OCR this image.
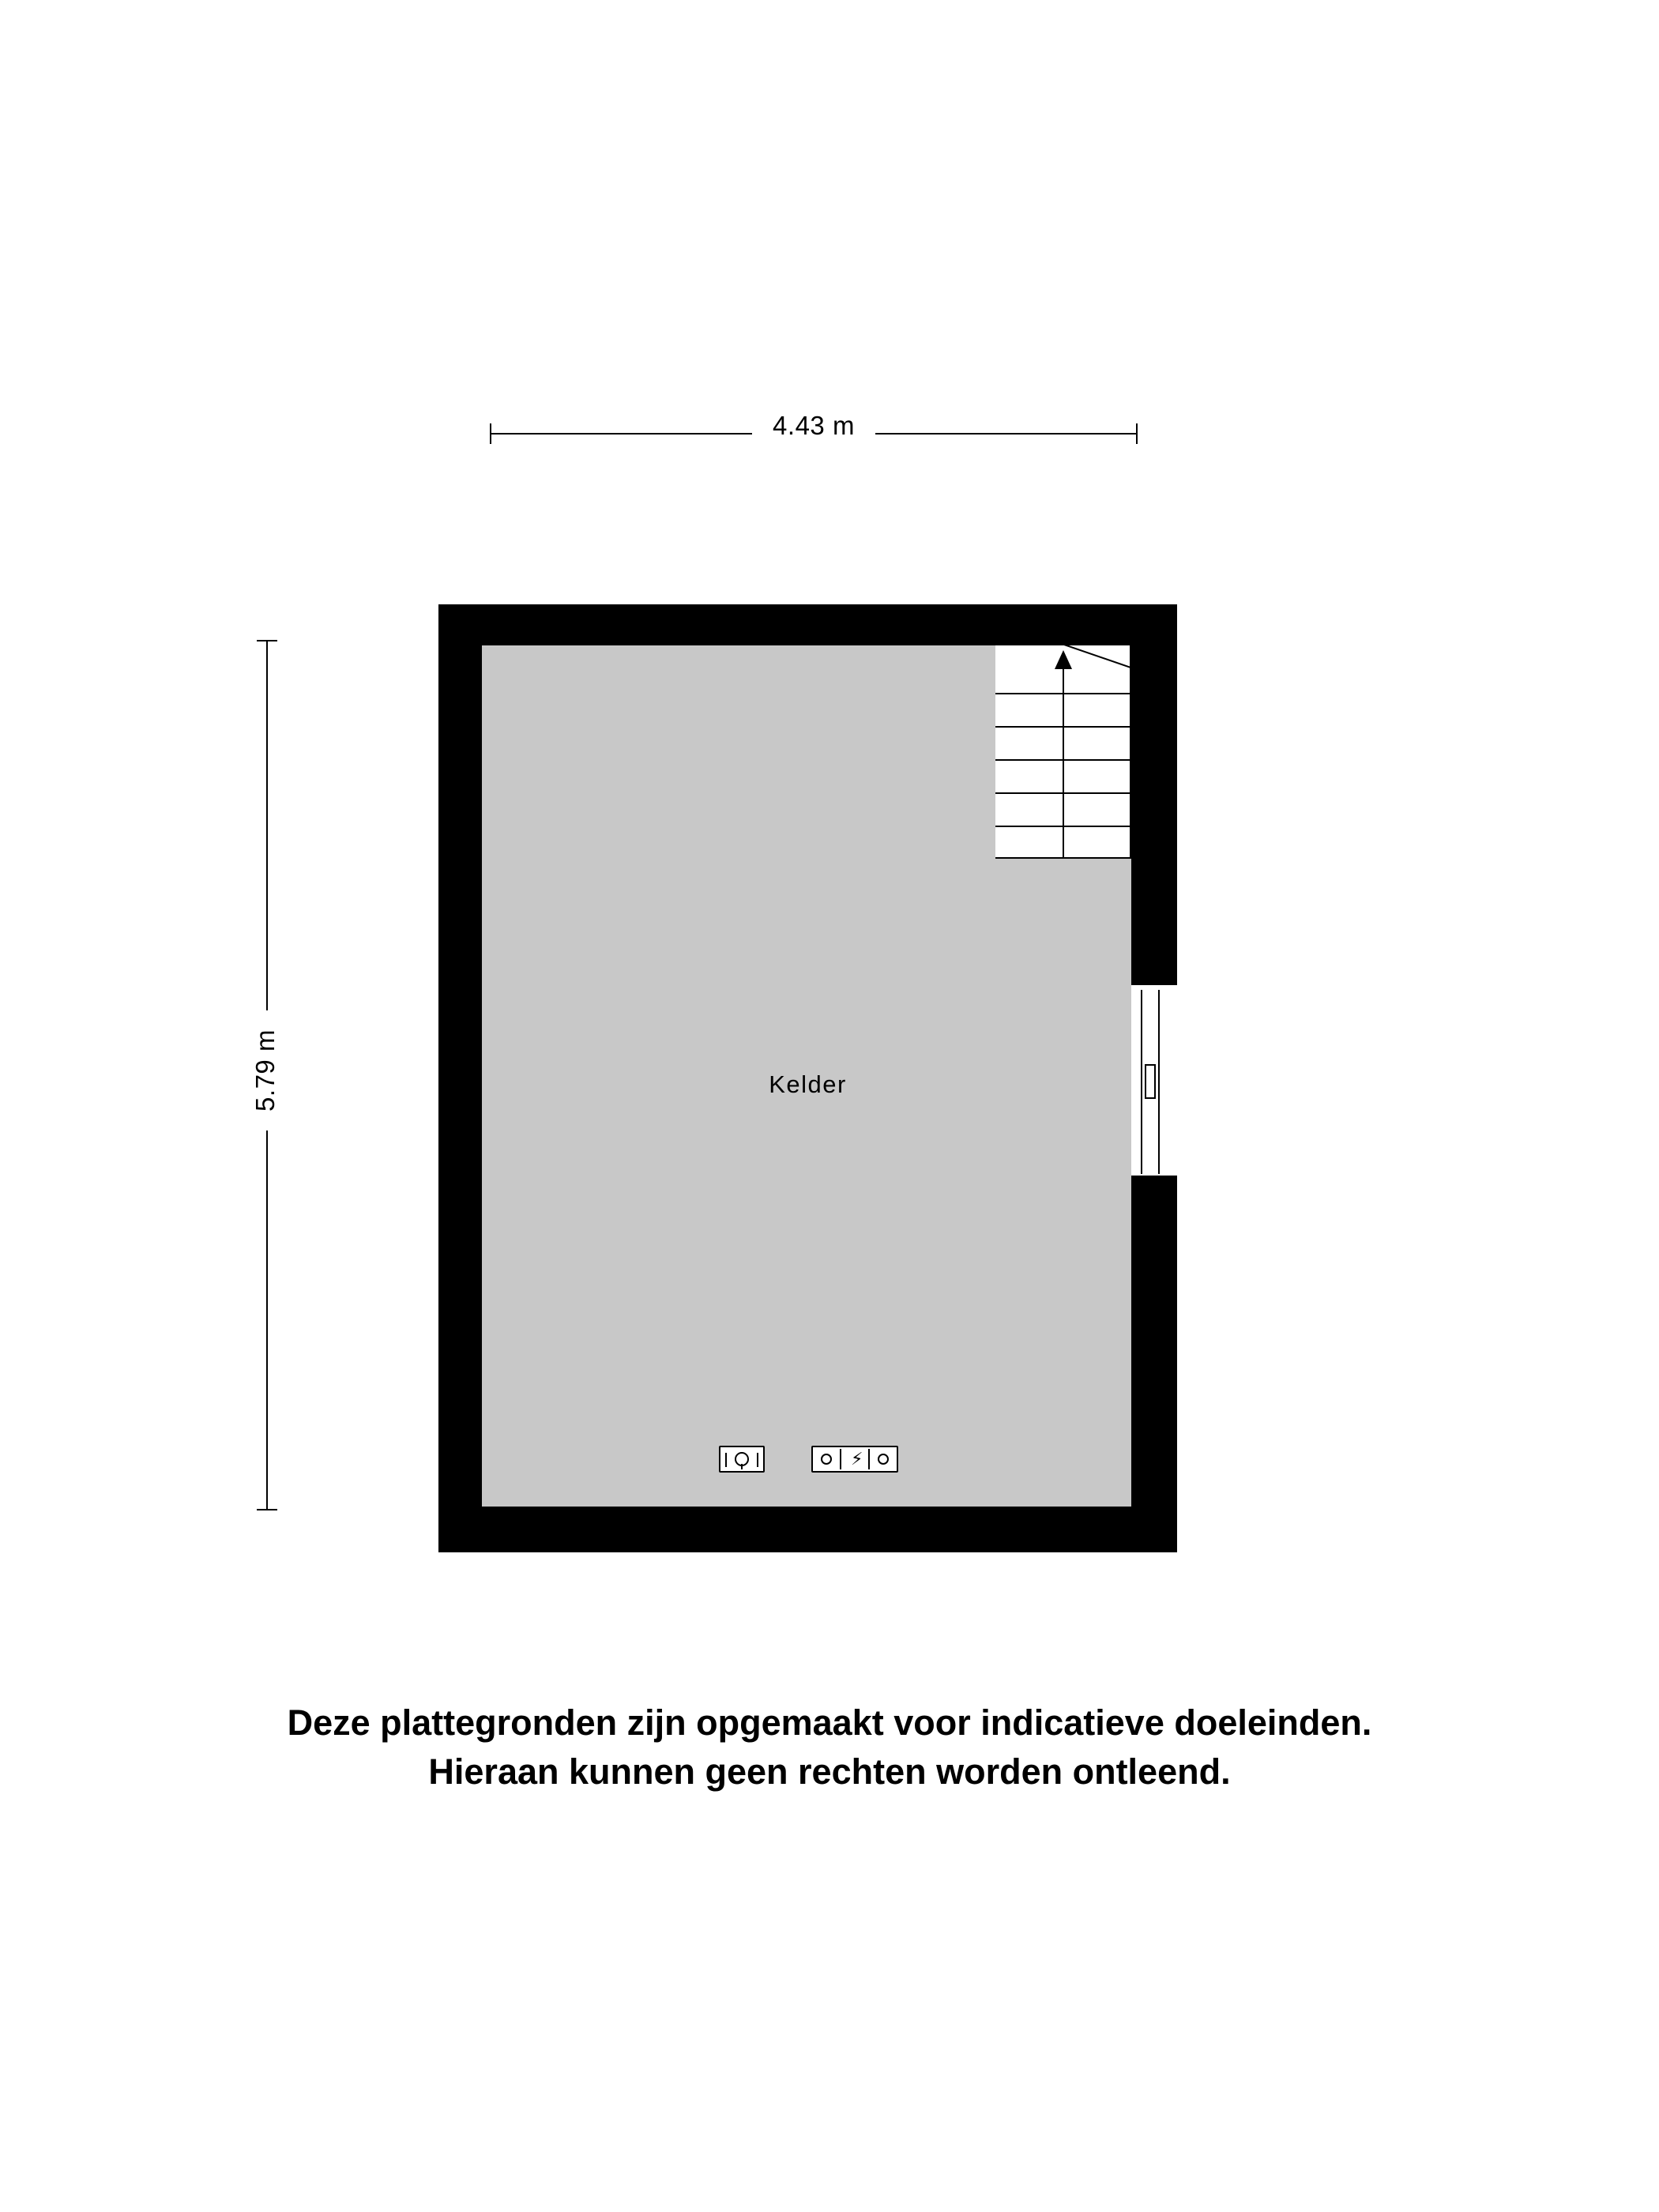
4.43 m
5.79 m	Kelder
⚡
Deze plattegronden zijn opgemaakt voor indicatieve doeleinden.
Hieraan kunnen geen rechten worden ontleend.
